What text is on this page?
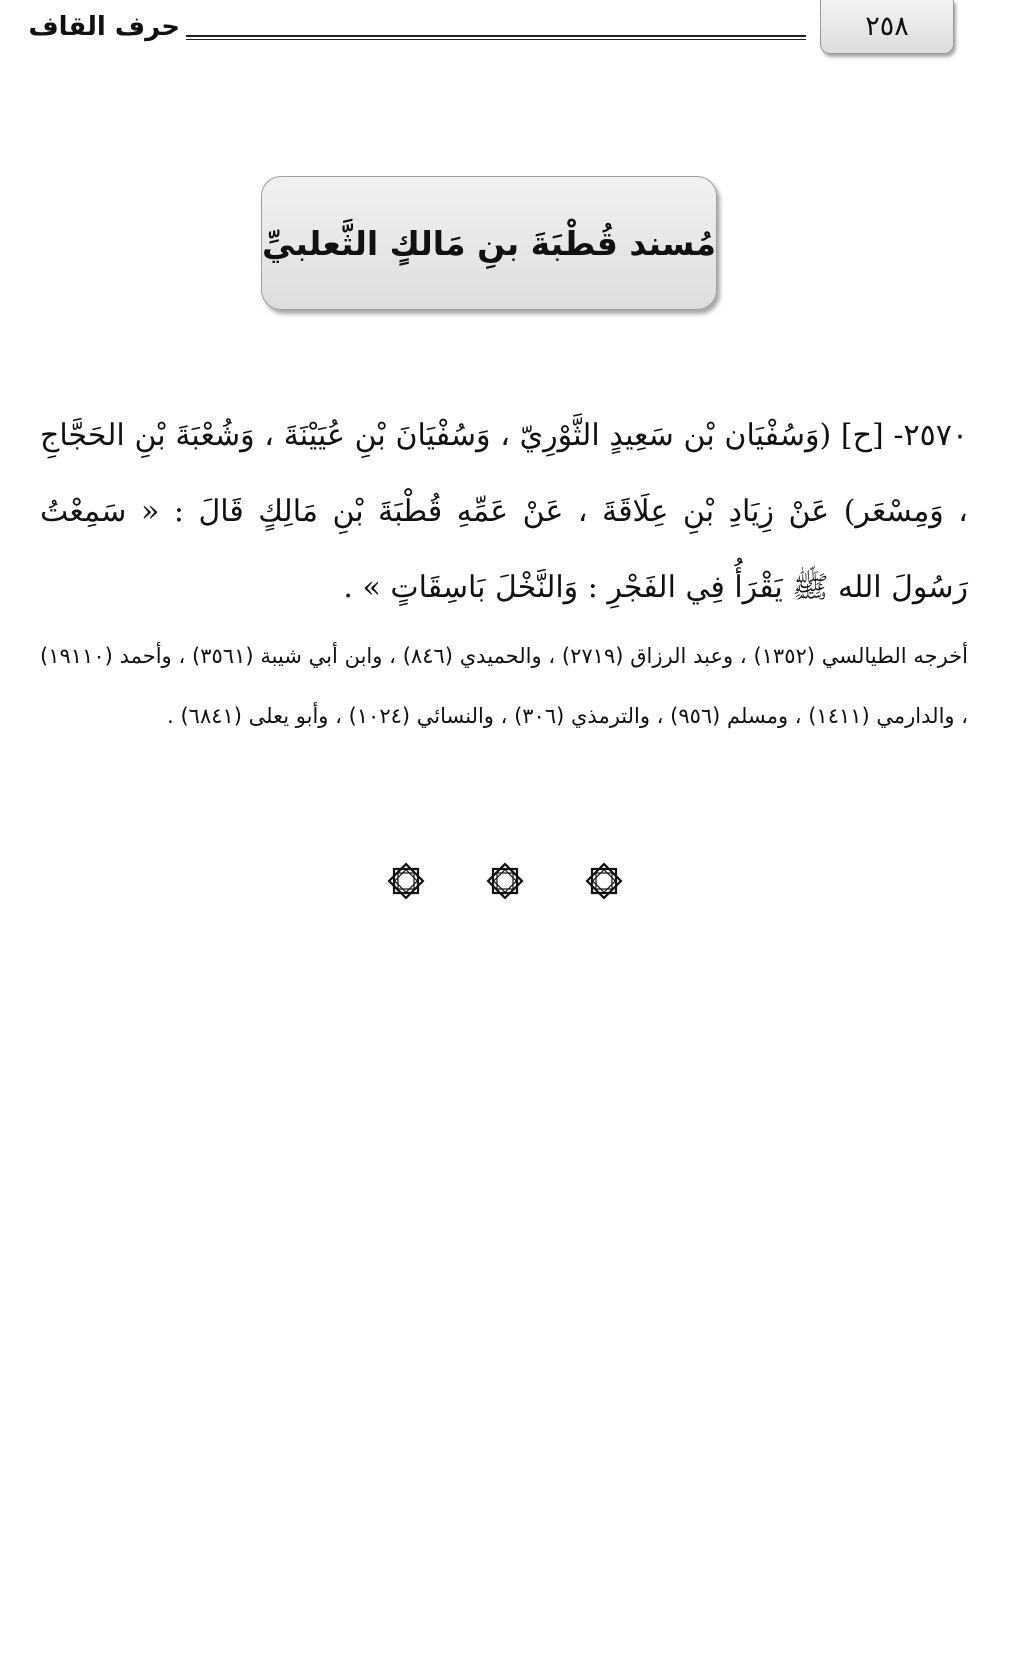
٢٥٨
حرف القاف
مُسند قُطْبَةَ بنِ مَالكٍ الثَّعلبيِّ
٢٥٧٠- [ح] (وَسُفْيَان بْن سَعِيدٍ الثَّوْرِيّ ، وَسُفْيَانَ بْنِ عُيَيْنَةَ ، وَشُعْبَةَ بْنِ الحَجَّاجِ ، وَمِسْعَر) عَنْ زِيَادِ بْنِ عِلَاقَةَ ، عَنْ عَمِّهِ قُطْبَةَ بْنِ مَالِكٍ قَالَ : « سَمِعْتُ رَسُولَ الله ﷺ يَقْرَأُ فِي الفَجْرِ : وَالنَّخْلَ بَاسِقَاتٍ » .
أخرجه الطيالسي (١٣٥٢) ، وعبد الرزاق (٢٧١٩) ، والحميدي (٨٤٦) ، وابن أبي شيبة (٣٥٦١) ، وأحمد (١٩١١٠) ، والدارمي (١٤١١) ، ومسلم (٩٥٦) ، والترمذي (٣٠٦) ، والنسائي (١٠٢٤) ، وأبو يعلى (٦٨٤١) .
